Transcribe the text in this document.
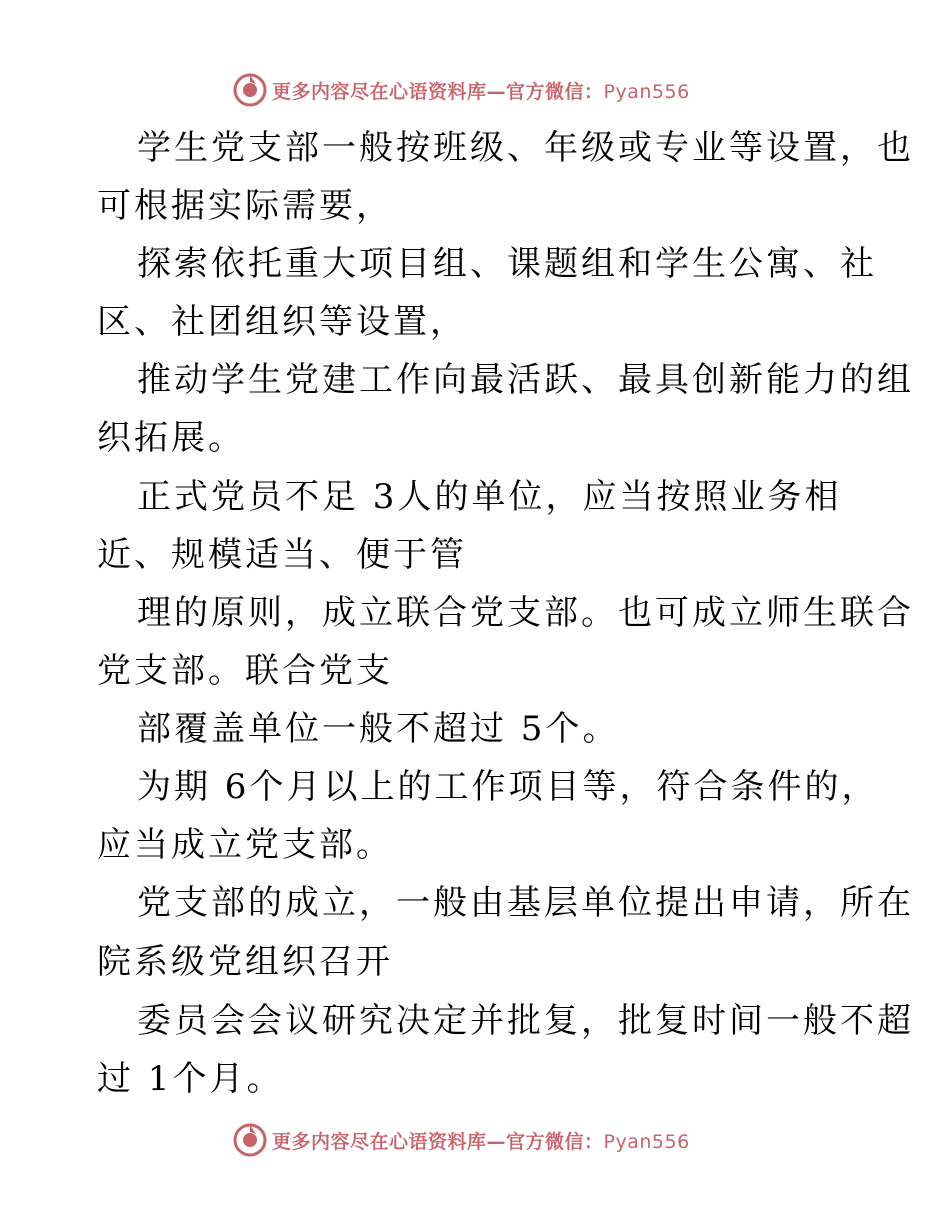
更多内容尽在心语资料库—官方微信：Pyan556
学生党支部一般按班级、年级或专业等设置，也
可根据实际需要，
探索依托重大项目组、课题组和学生公寓、社
区、社团组织等设置，
推动学生党建工作向最活跃、最具创新能力的组
织拓展。
正式党员不足 3人的单位，应当按照业务相
近、规模适当、便于管
理的原则，成立联合党支部。也可成立师生联合
党支部。联合党支
部覆盖单位一般不超过 5个。
为期 6个月以上的工作项目等，符合条件的，
应当成立党支部。
党支部的成立，一般由基层单位提出申请，所在
院系级党组织召开
委员会会议研究决定并批复，批复时间一般不超
过 1个月。
更多内容尽在心语资料库—官方微信：Pyan556
